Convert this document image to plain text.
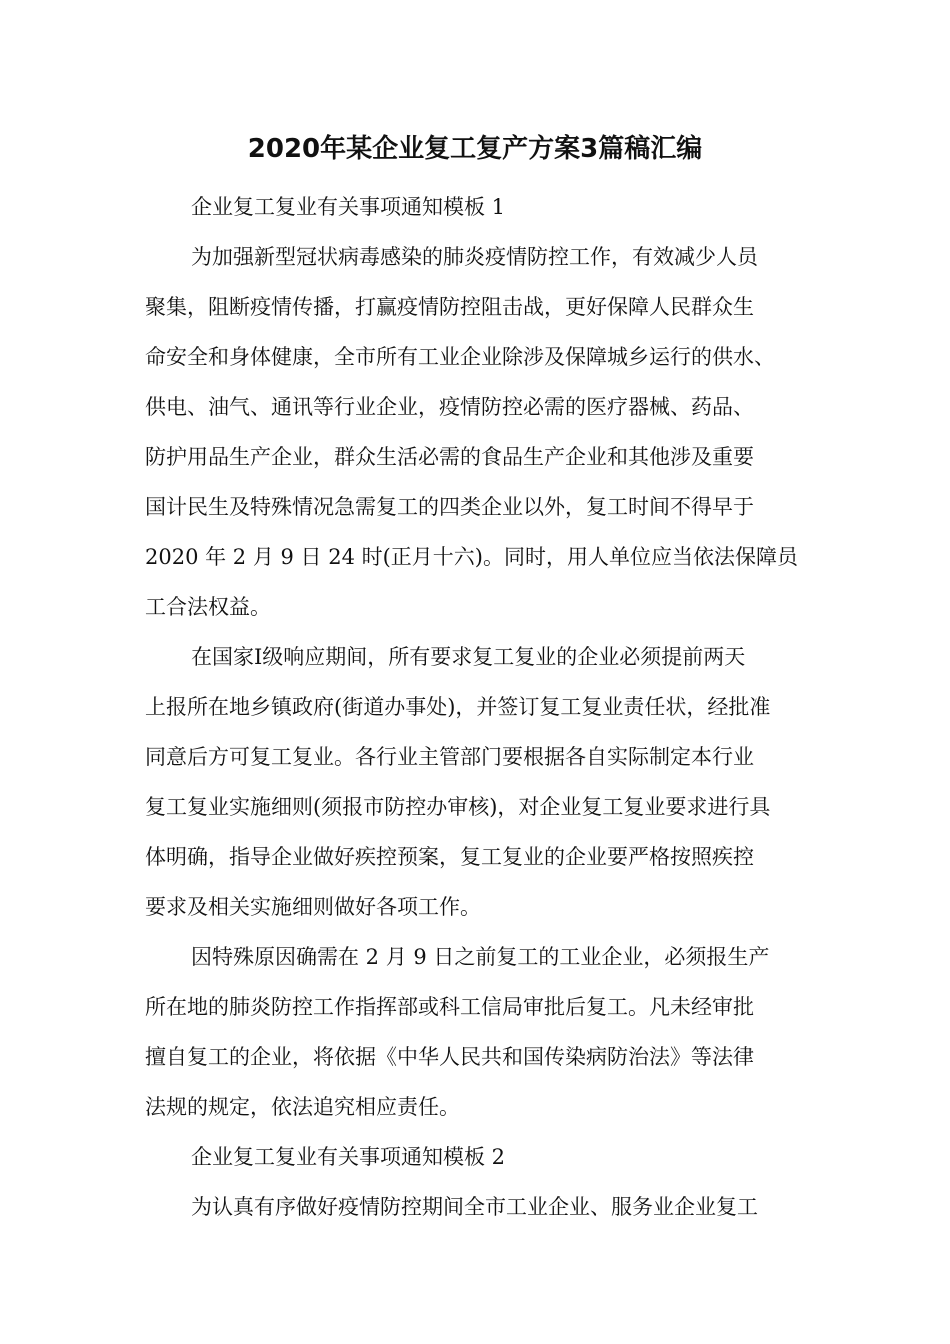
2020年某企业复工复产方案3篇稿汇编

企业复工复业有关事项通知模板 1

为加强新型冠状病毒感染的肺炎疫情防控工作，有效减少人员
聚集，阻断疫情传播，打赢疫情防控阻击战，更好保障人民群众生
命安全和身体健康，全市所有工业企业除涉及保障城乡运行的供水、
供电、油气、通讯等行业企业，疫情防控必需的医疗器械、药品、
防护用品生产企业，群众生活必需的食品生产企业和其他涉及重要
国计民生及特殊情况急需复工的四类企业以外，复工时间不得早于
2020 年 2 月 9 日 24 时(正月十六)。同时，用人单位应当依法保障员
工合法权益。

在国家Ⅰ级响应期间，所有要求复工复业的企业必须提前两天
上报所在地乡镇政府(街道办事处)，并签订复工复业责任状，经批准
同意后方可复工复业。各行业主管部门要根据各自实际制定本行业
复工复业实施细则(须报市防控办审核)，对企业复工复业要求进行具
体明确，指导企业做好疾控预案，复工复业的企业要严格按照疾控
要求及相关实施细则做好各项工作。

因特殊原因确需在 2 月 9 日之前复工的工业企业，必须报生产
所在地的肺炎防控工作指挥部或科工信局审批后复工。凡未经审批
擅自复工的企业，将依据《中华人民共和国传染病防治法》等法律
法规的规定，依法追究相应责任。

企业复工复业有关事项通知模板 2

为认真有序做好疫情防控期间全市工业企业、服务业企业复工
